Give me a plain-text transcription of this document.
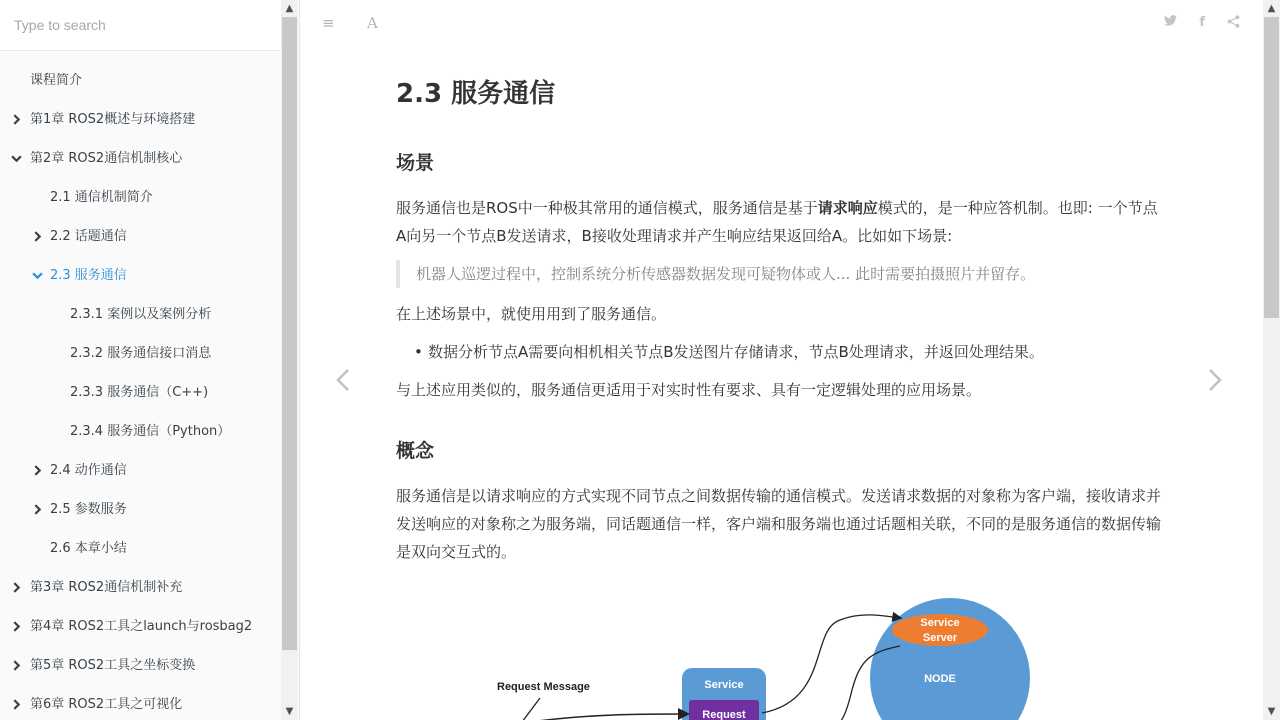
Type to search
课程简介
第1章 ROS2概述与环境搭建
第2章 ROS2通信机制核心
2.1 通信机制简介
2.2 话题通信
2.3 服务通信
2.3.1 案例以及案例分析
2.3.2 服务通信接口消息
2.3.3 服务通信（C++)
2.3.4 服务通信（Python）
2.4 动作通信
2.5 参数服务
2.6 本章小结
第3章 ROS2通信机制补充
第4章 ROS2工具之launch与rosbag2
第5章 ROS2工具之坐标变换
第6章 ROS2工具之可视化
▲
▼
≡ A	f
2.3 服务通信
场景

服务通信也是ROS中一种极其常用的通信模式，服务通信是基于请求响应模式的，是一种应答机制。也即: 一个节点A向另一个节点B发送请求，B接收处理请求并产生响应结果返回给A。比如如下场景:

机器人巡逻过程中，控制系统分析传感器数据发现可疑物体或人... 此时需要拍摄照片并留存。

在上述场景中，就使用用到了服务通信。

• 数据分析节点A需要向相机相关节点B发送图片存储请求，节点B处理请求，并返回处理结果。

与上述应用类似的，服务通信更适用于对实时性有要求、具有一定逻辑处理的应用场景。

概念

服务通信是以请求响应的方式实现不同节点之间数据传输的通信模式。发送请求数据的对象称为客户端，接收请求并发送响应的对象称之为服务端，同话题通信一样，客户端和服务端也通过话题相关联，不同的是服务通信的数据传输是双向交互式的。

▲
▼
Service
Server
NODE
Service
Request
Request Message
